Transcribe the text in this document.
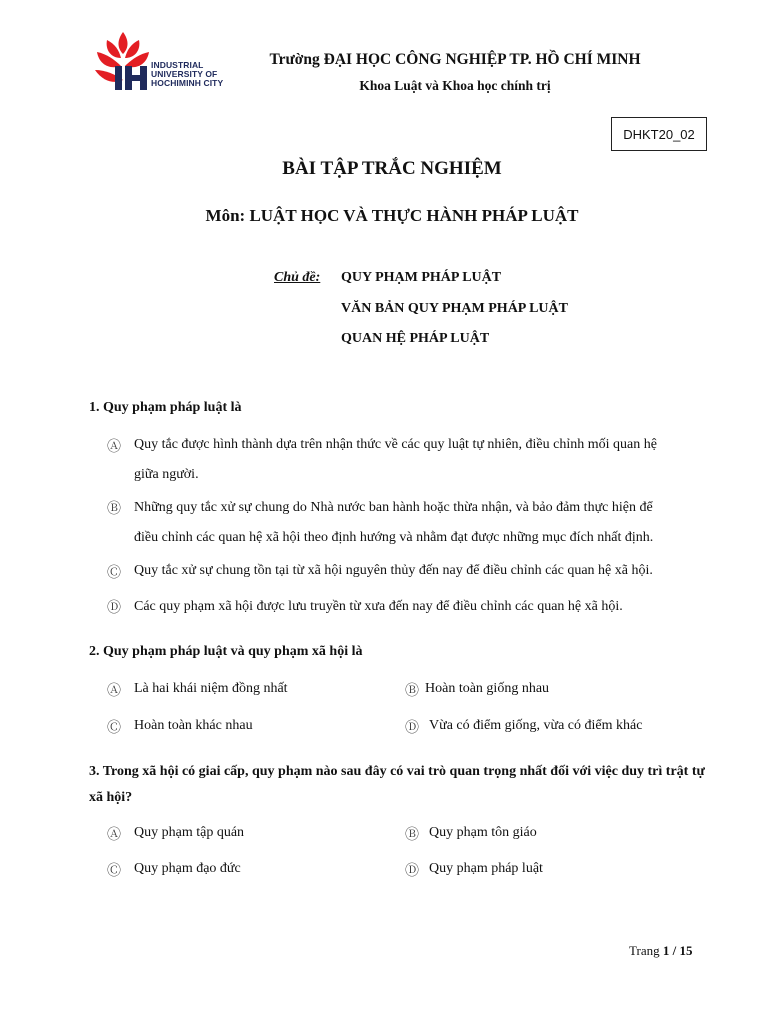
INDUSTRIAL
UNIVERSITY OF
HOCHIMINH CITY
Trường ĐẠI HỌC CÔNG NGHIỆP TP. HỒ CHÍ MINH
Khoa Luật và Khoa học chính trị
DHKT20_02
BÀI TẬP TRẮC NGHIỆM
Môn: LUẬT HỌC VÀ THỰC HÀNH PHÁP LUẬT
Chủ đề: QUY PHẠM PHÁP LUẬT
VĂN BẢN QUY PHẠM PHÁP LUẬT
QUAN HỆ PHÁP LUẬT
1. Quy phạm pháp luật là
Ⓐ Quy tắc được hình thành dựa trên nhận thức về các quy luật tự nhiên, điều chỉnh mối quan hệ
giữa người.
Ⓑ Những quy tắc xử sự chung do Nhà nước ban hành hoặc thừa nhận, và bảo đảm thực hiện để
điều chỉnh các quan hệ xã hội theo định hướng và nhằm đạt được những mục đích nhất định.
Ⓒ Quy tắc xử sự chung tồn tại từ xã hội nguyên thủy đến nay để điều chỉnh các quan hệ xã hội.
Ⓓ Các quy phạm xã hội được lưu truyền từ xưa đến nay để điều chỉnh các quan hệ xã hội.
2. Quy phạm pháp luật và quy phạm xã hội là
Ⓐ Là hai khái niệm đồng nhất	Ⓑ Hoàn toàn giống nhau
Ⓒ Hoàn toàn khác nhau	Ⓓ Vừa có điểm giống, vừa có điểm khác
3. Trong xã hội có giai cấp, quy phạm nào sau đây có vai trò quan trọng nhất đối với việc duy trì trật tự
xã hội?
Ⓐ Quy phạm tập quán	Ⓑ Quy phạm tôn giáo
Ⓒ Quy phạm đạo đức	Ⓓ Quy phạm pháp luật
Trang 1 / 15
